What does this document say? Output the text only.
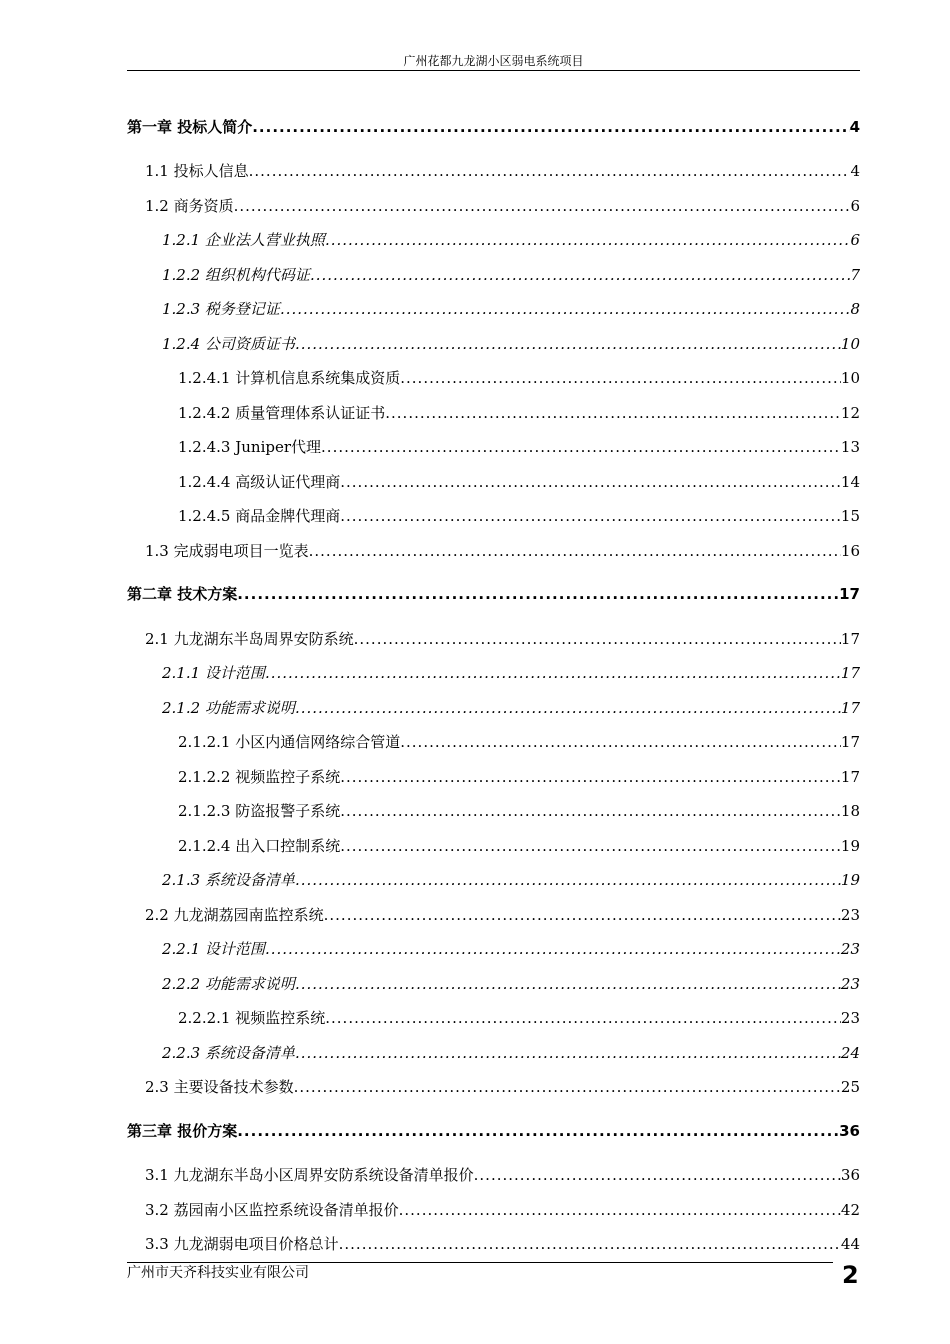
广州花都九龙湖小区弱电系统项目
第一章 投标人简介 .....	4
1.1 投标人信息 .....	4
1.2 商务资质 .....	6
1.2.1 企业法人营业执照 .....	6
1.2.2 组织机构代码证 .....	7
1.2.3 税务登记证 .....	8
1.2.4 公司资质证书 .....	10
1.2.4.1 计算机信息系统集成资质 .....	10
1.2.4.2 质量管理体系认证证书 .....	12
1.2.4.3 Juniper代理 .....	13
1.2.4.4 高级认证代理商 .....	14
1.2.4.5 商品金牌代理商 .....	15
1.3 完成弱电项目一览表 .....	16
第二章 技术方案 .....	17
2.1 九龙湖东半岛周界安防系统 .....	17
2.1.1 设计范围 .....	17
2.1.2 功能需求说明 .....	17
2.1.2.1 小区内通信网络综合管道 .....	17
2.1.2.2 视频监控子系统 .....	17
2.1.2.3 防盗报警子系统 .....	18
2.1.2.4 出入口控制系统 .....	19
2.1.3 系统设备清单 .....	19
2.2 九龙湖荔园南监控系统 .....	23
2.2.1 设计范围 .....	23
2.2.2 功能需求说明 .....	23
2.2.2.1 视频监控系统 .....	23
2.2.3 系统设备清单 .....	24
2.3 主要设备技术参数 .....	25
第三章 报价方案 .....	36
3.1 九龙湖东半岛小区周界安防系统设备清单报价 .....	36
3.2 荔园南小区监控系统设备清单报价 .....	42
3.3 九龙湖弱电项目价格总计 .....	44
广州市天齐科技实业有限公司	2
